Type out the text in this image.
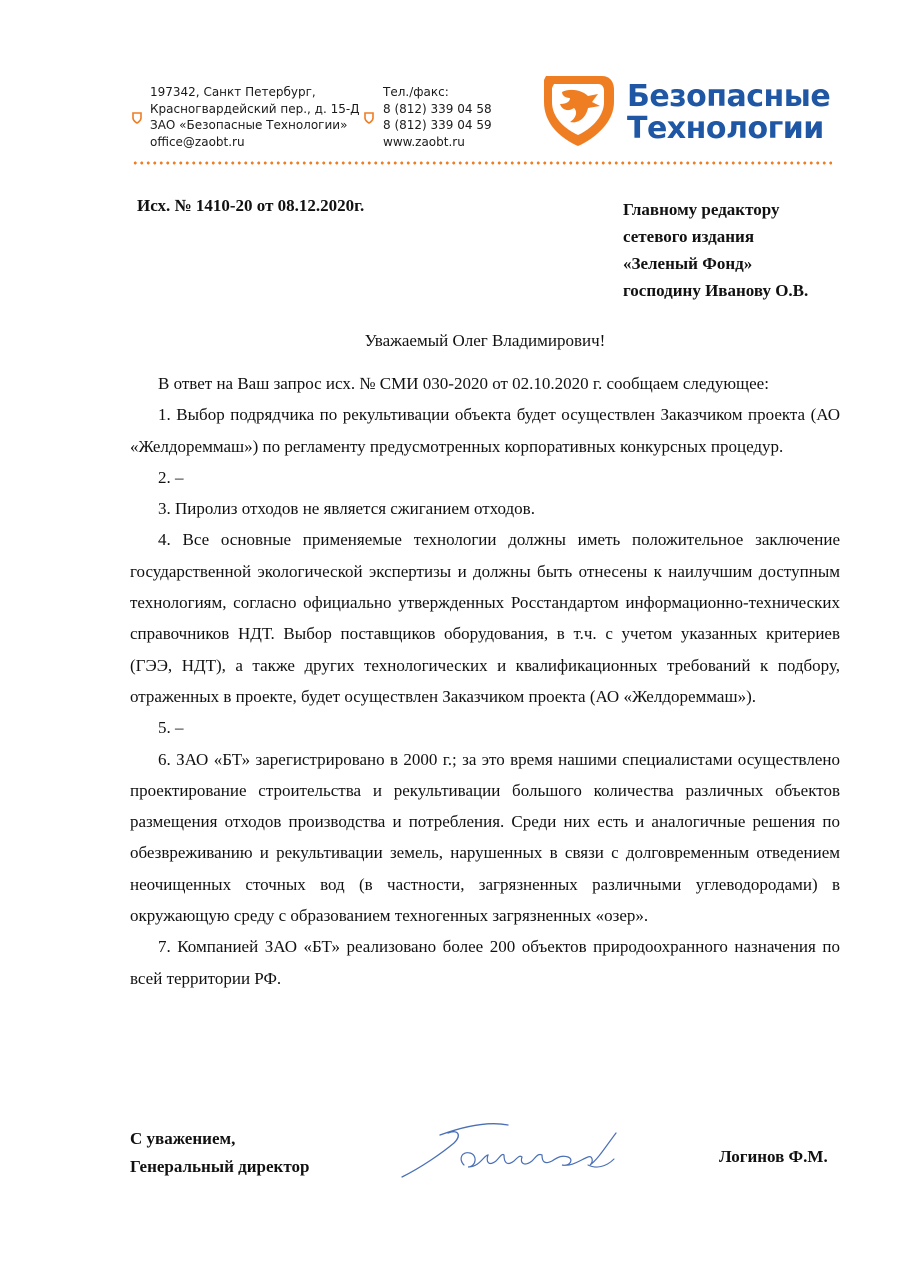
197342, Санкт Петербург,
Красногвардейский пер., д. 15-Д
ЗАО «Безопасные Технологии»
office@zaobt.ru
Тел./факс:
8 (812) 339 04 58
8 (812) 339 04 59
www.zaobt.ru
Безопасные
Технологии
Исх. № 1410-20 от 08.12.2020г.	Главному редактору
сетевого издания
«Зеленый Фонд»
господину Иванову О.В.
Уважаемый Олег Владимирович!

В ответ на Ваш запрос исх. № СМИ 030-2020 от 02.10.2020 г. сообщаем следующее:

1. Выбор подрядчика по рекультивации объекта будет осуществлен Заказчиком проекта (АО «Желдореммаш») по регламенту предусмотренных корпоративных конкурсных процедур.

2. –

3. Пиролиз отходов не является сжиганием отходов.

4. Все основные применяемые технологии должны иметь положительное заключение государственной экологической экспертизы и должны быть отнесены к наилучшим доступным технологиям, согласно официально утвержденных Росстандартом информационно-технических справочников НДТ. Выбор поставщиков оборудования, в т.ч. с учетом указанных критериев (ГЭЭ, НДТ), а также других технологических и квалификационных требований к подбору, отраженных в проекте, будет осуществлен Заказчиком проекта (АО «Желдореммаш»).

5. –

6. ЗАО «БТ» зарегистрировано в 2000 г.; за это время нашими специалистами осуществлено проектирование строительства и рекультивации большого количества различных объектов размещения отходов производства и потребления. Среди них есть и аналогичные решения по обезвреживанию и рекультивации земель, нарушенных в связи с долговременным отведением неочищенных сточных вод (в частности, загрязненных различными углеводородами) в окружающую среду с образованием техногенных загрязненных «озер».

7. Компанией ЗАО «БТ» реализовано более 200 объектов природоохранного назначения по всей территории РФ.

С уважением,
Генеральный директор
Логинов Ф.М.
